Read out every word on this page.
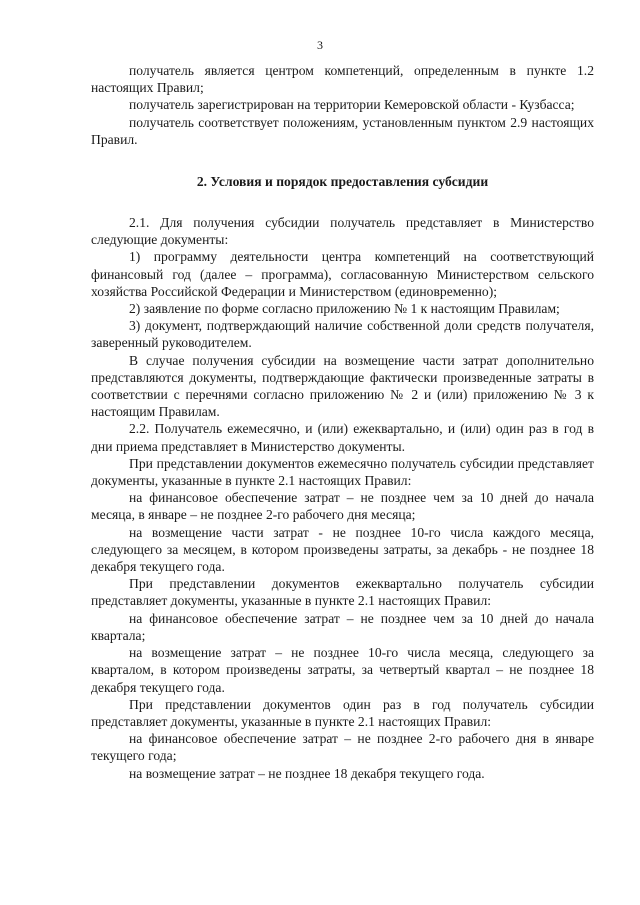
3

получатель является центром компетенций, определенным в пункте 1.2 настоящих Правил;

получатель зарегистрирован на территории Кемеровской области - Кузбасса;

получатель соответствует положениям, установленным пунктом 2.9 настоящих Правил.

2. Условия и порядок предоставления субсидии

2.1. Для получения субсидии получатель представляет в Министерство следующие документы:

1) программу деятельности центра компетенций на соответствующий финансовый год (далее – программа), согласованную Министерством сельского хозяйства Российской Федерации и Министерством (единовременно);

2) заявление по форме согласно приложению № 1 к настоящим Правилам;

3) документ, подтверждающий наличие собственной доли средств получателя, заверенный руководителем.

В случае получения субсидии на возмещение части затрат дополнительно представляются документы, подтверждающие фактически произведенные затраты в соответствии с перечнями согласно приложению № 2 и (или) приложению № 3 к настоящим Правилам.

2.2. Получатель ежемесячно, и (или) ежеквартально, и (или) один раз в год в дни приема представляет в Министерство документы.

При представлении документов ежемесячно получатель субсидии представляет документы, указанные в пункте 2.1 настоящих Правил:

на финансовое обеспечение затрат – не позднее чем за 10 дней до начала месяца, в январе – не позднее 2-го рабочего дня месяца;

на возмещение части затрат - не позднее 10-го числа каждого месяца, следующего за месяцем, в котором произведены затраты, за декабрь - не позднее 18 декабря текущего года.

При представлении документов ежеквартально получатель субсидии представляет документы, указанные в пункте 2.1 настоящих Правил:

на финансовое обеспечение затрат – не позднее чем за 10 дней до начала квартала;

на возмещение затрат – не позднее 10-го числа месяца, следующего за кварталом, в котором произведены затраты, за четвертый квартал – не позднее 18 декабря текущего года.

При представлении документов один раз в год получатель субсидии представляет документы, указанные в пункте 2.1 настоящих Правил:

на финансовое обеспечение затрат – не позднее 2-го рабочего дня в январе текущего года;

на возмещение затрат – не позднее 18 декабря текущего года.
